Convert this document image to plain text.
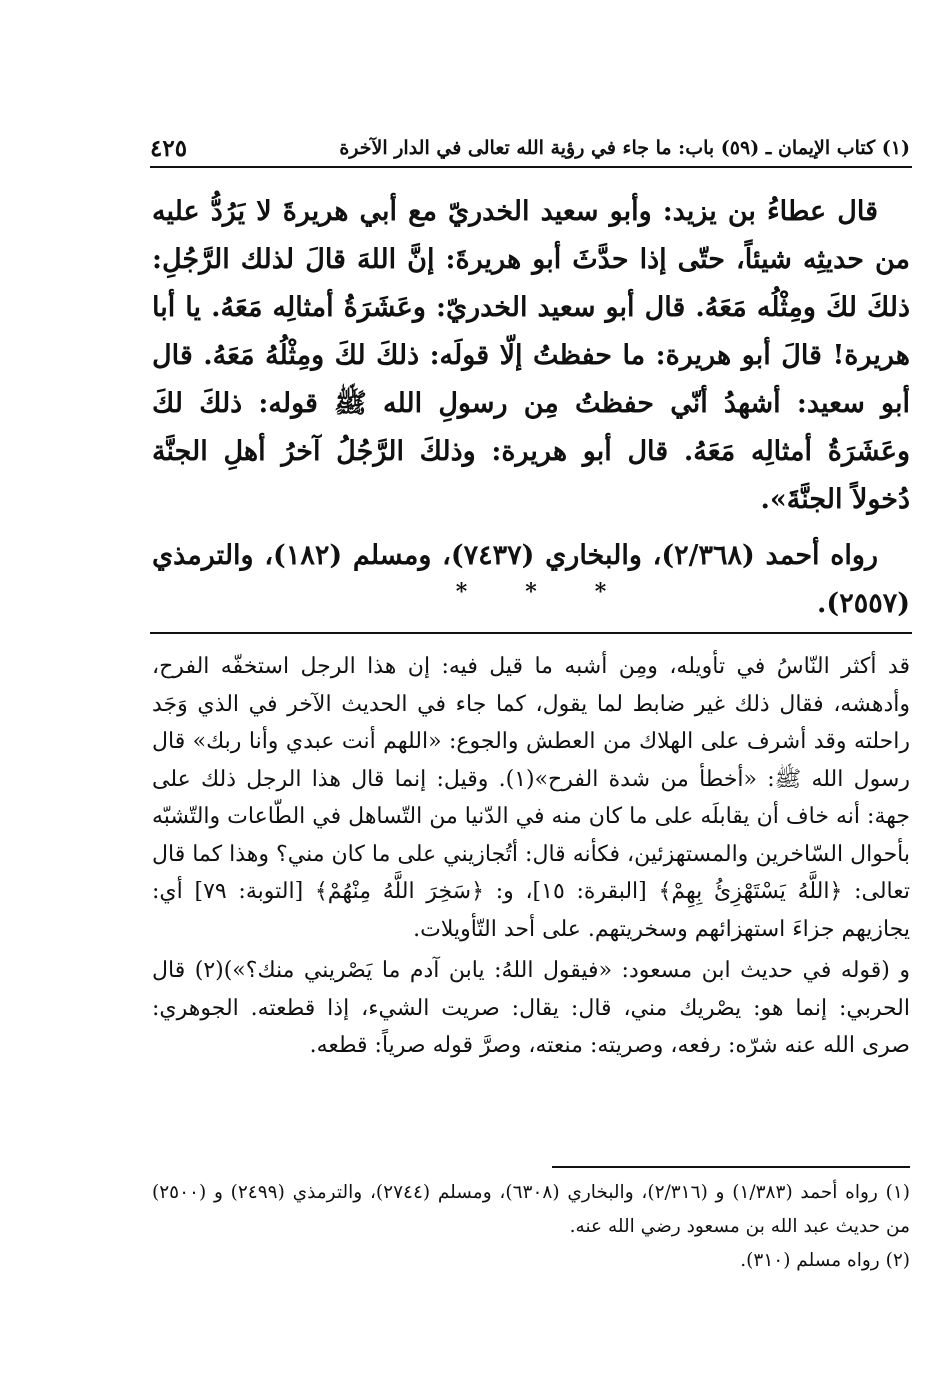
(١) كتاب الإيمان ـ (٥٩) باب: ما جاء في رؤية الله تعالى في الدار الآخرة
٤٢٥

قال عطاءُ بن يزيد: وأبو سعيد الخدريّ مع أبي هريرةَ لا يَرُدُّ عليه من حديثِه شيئاً، حتّى إذا حدَّثَ أبو هريرةَ: إنَّ اللهَ قالَ لذلك الرَّجُلِ: ذلكَ لكَ ومِثْلُه مَعَهُ. قال أبو سعيد الخدريّ: وعَشَرَةُ أمثالِه مَعَهُ. يا أبا هريرة! قالَ أبو هريرة: ما حفظتُ إلّا قولَه: ذلكَ لكَ ومِثْلُهُ مَعَهُ. قال أبو سعيد: أشهدُ أنّي حفظتُ مِن رسولِ الله ﷺ قوله: ذلكَ لكَ وعَشَرَةُ أمثالِه مَعَهُ. قال أبو هريرة: وذلكَ الرَّجُلُ آخرُ أهلِ الجنَّة دُخولاً الجنَّةَ».

رواه أحمد (٢/٣٦٨)، والبخاري (٧٤٣٧)، ومسلم (١٨٢)، والترمذي (٢٥٥٧).

*	*	*

قد أكثر النّاسُ في تأويله، ومِن أشبه ما قيل فيه: إن هذا الرجل استخفّه الفرح، وأدهشه، فقال ذلك غير ضابط لما يقول، كما جاء في الحديث الآخر في الذي وَجَد راحلته وقد أشرف على الهلاك من العطش والجوع: «اللهم أنت عبدي وأنا ربك» قال رسول الله ﷺ: «أخطأ من شدة الفرح»(١). وقيل: إنما قال هذا الرجل ذلك على جهة: أنه خاف أن يقابلَه على ما كان منه في الدّنيا من التّساهل في الطّاعات والتّشبّه بأحوال السّاخرين والمستهزئين، فكأنه قال: أتُجازيني على ما كان مني؟ وهذا كما قال تعالى: ﴿اللَّهُ يَسْتَهْزِئُ بِهِمْ﴾ [البقرة: ١٥]، و: ﴿سَخِرَ اللَّهُ مِنْهُمْ﴾ [التوبة: ٧٩] أي: يجازيهم جزاءَ استهزائهم وسخريتهم. على أحد التّأويلات.

و (قوله في حديث ابن مسعود: «فيقول اللهُ: يابن آدم ما يَصْريني منك؟»)(٢) قال الحربي: إنما هو: يصْريك مني، قال: يقال: صريت الشيء، إذا قطعته. الجوهري: صرى الله عنه شرّه: رفعه، وصريته: منعته، وصرَّ قوله صرياً: قطعه.

(١) رواه أحمد (١/٣٨٣) و (٢/٣١٦)، والبخاري (٦٣٠٨)، ومسلم (٢٧٤٤)، والترمذي (٢٤٩٩) و (٢٥٠٠) من حديث عبد الله بن مسعود رضي الله عنه.

(٢) رواه مسلم (٣١٠).
